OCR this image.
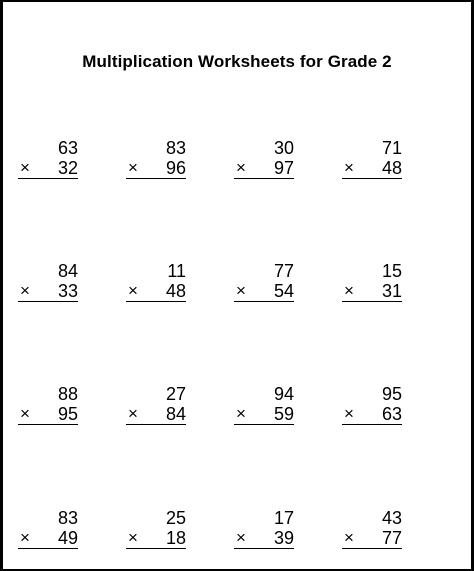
Multiplication Worksheets for Grade 2
63
× 32
83
× 96
30
× 97
71
× 48
84
× 33
11
× 48
77
× 54
15
× 31
88
× 95
27
× 84
94
× 59
95
× 63
83
× 49
25
× 18
17
× 39
43
× 77
